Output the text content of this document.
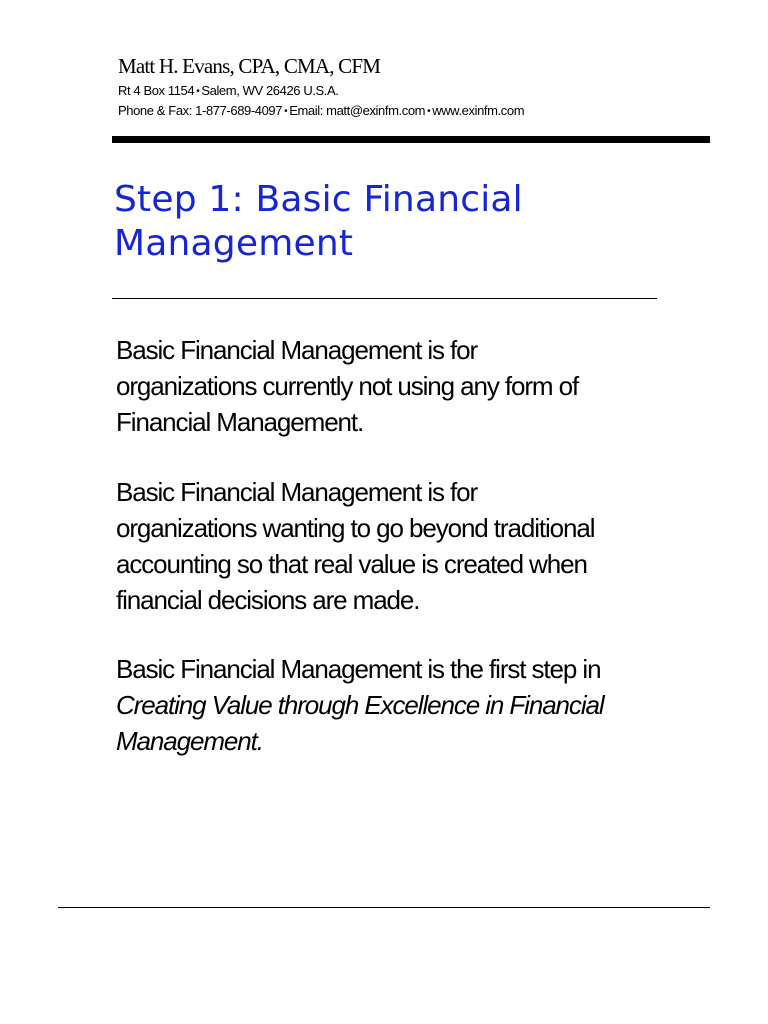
Matt H. Evans, CPA, CMA, CFM
Rt 4 Box 1154 • Salem, WV 26426 U.S.A.
Phone & Fax: 1-877-689-4097 • Email: matt@exinfm.com • www.exinfm.com
Step 1: Basic Financial
Management

Basic Financial Management is for
organizations currently not using any form of
Financial Management.

Basic Financial Management is for
organizations wanting to go beyond traditional
accounting so that real value is created when
financial decisions are made.

Basic Financial Management is the first step in
Creating Value through Excellence in Financial
Management.
